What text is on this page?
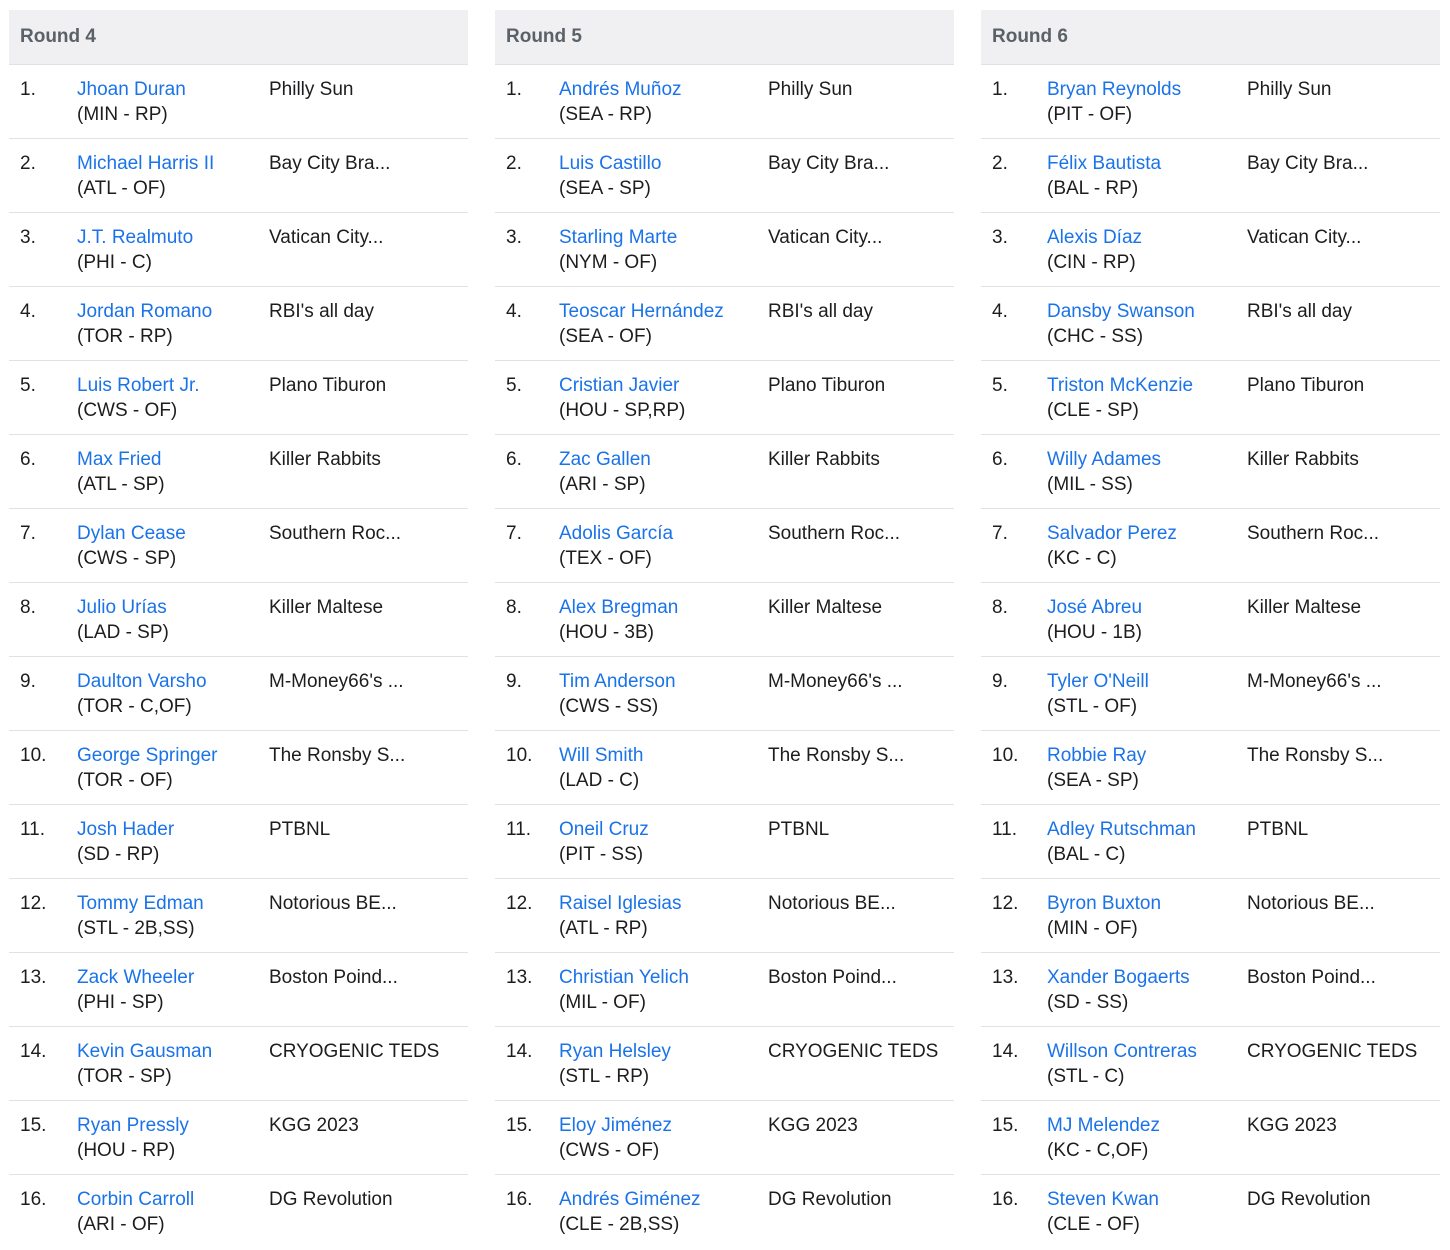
Round 4
1. Jhoan Duran
(MIN - RP)
Philly Sun
2. Michael Harris II
(ATL - OF)
Bay City Bra...
3. J.T. Realmuto
(PHI - C)
Vatican City...
4. Jordan Romano
(TOR - RP)
RBI's all day
5. Luis Robert Jr.
(CWS - OF)
Plano Tiburon
6. Max Fried
(ATL - SP)
Killer Rabbits
7. Dylan Cease
(CWS - SP)
Southern Roc...
8. Julio Urías
(LAD - SP)
Killer Maltese
9. Daulton Varsho
(TOR - C,OF)
M-Money66's ...
10. George Springer
(TOR - OF)
The Ronsby S...
11. Josh Hader
(SD - RP)
PTBNL
12. Tommy Edman
(STL - 2B,SS)
Notorious BE...
13. Zack Wheeler
(PHI - SP)
Boston Poind...
14. Kevin Gausman
(TOR - SP)
CRYOGENIC TEDS
15. Ryan Pressly
(HOU - RP)
KGG 2023
16. Corbin Carroll
(ARI - OF)
DG Revolution
Round 5
1. Andrés Muñoz
(SEA - RP)
Philly Sun
2. Luis Castillo
(SEA - SP)
Bay City Bra...
3. Starling Marte
(NYM - OF)
Vatican City...
4. Teoscar Hernández
(SEA - OF)
RBI's all day
5. Cristian Javier
(HOU - SP,RP)
Plano Tiburon
6. Zac Gallen
(ARI - SP)
Killer Rabbits
7. Adolis García
(TEX - OF)
Southern Roc...
8. Alex Bregman
(HOU - 3B)
Killer Maltese
9. Tim Anderson
(CWS - SS)
M-Money66's ...
10. Will Smith
(LAD - C)
The Ronsby S...
11. Oneil Cruz
(PIT - SS)
PTBNL
12. Raisel Iglesias
(ATL - RP)
Notorious BE...
13. Christian Yelich
(MIL - OF)
Boston Poind...
14. Ryan Helsley
(STL - RP)
CRYOGENIC TEDS
15. Eloy Jiménez
(CWS - OF)
KGG 2023
16. Andrés Giménez
(CLE - 2B,SS)
DG Revolution
Round 6
1. Bryan Reynolds
(PIT - OF)
Philly Sun
2. Félix Bautista
(BAL - RP)
Bay City Bra...
3. Alexis Díaz
(CIN - RP)
Vatican City...
4. Dansby Swanson
(CHC - SS)
RBI's all day
5. Triston McKenzie
(CLE - SP)
Plano Tiburon
6. Willy Adames
(MIL - SS)
Killer Rabbits
7. Salvador Perez
(KC - C)
Southern Roc...
8. José Abreu
(HOU - 1B)
Killer Maltese
9. Tyler O'Neill
(STL - OF)
M-Money66's ...
10. Robbie Ray
(SEA - SP)
The Ronsby S...
11. Adley Rutschman
(BAL - C)
PTBNL
12. Byron Buxton
(MIN - OF)
Notorious BE...
13. Xander Bogaerts
(SD - SS)
Boston Poind...
14. Willson Contreras
(STL - C)
CRYOGENIC TEDS
15. MJ Melendez
(KC - C,OF)
KGG 2023
16. Steven Kwan
(CLE - OF)
DG Revolution
